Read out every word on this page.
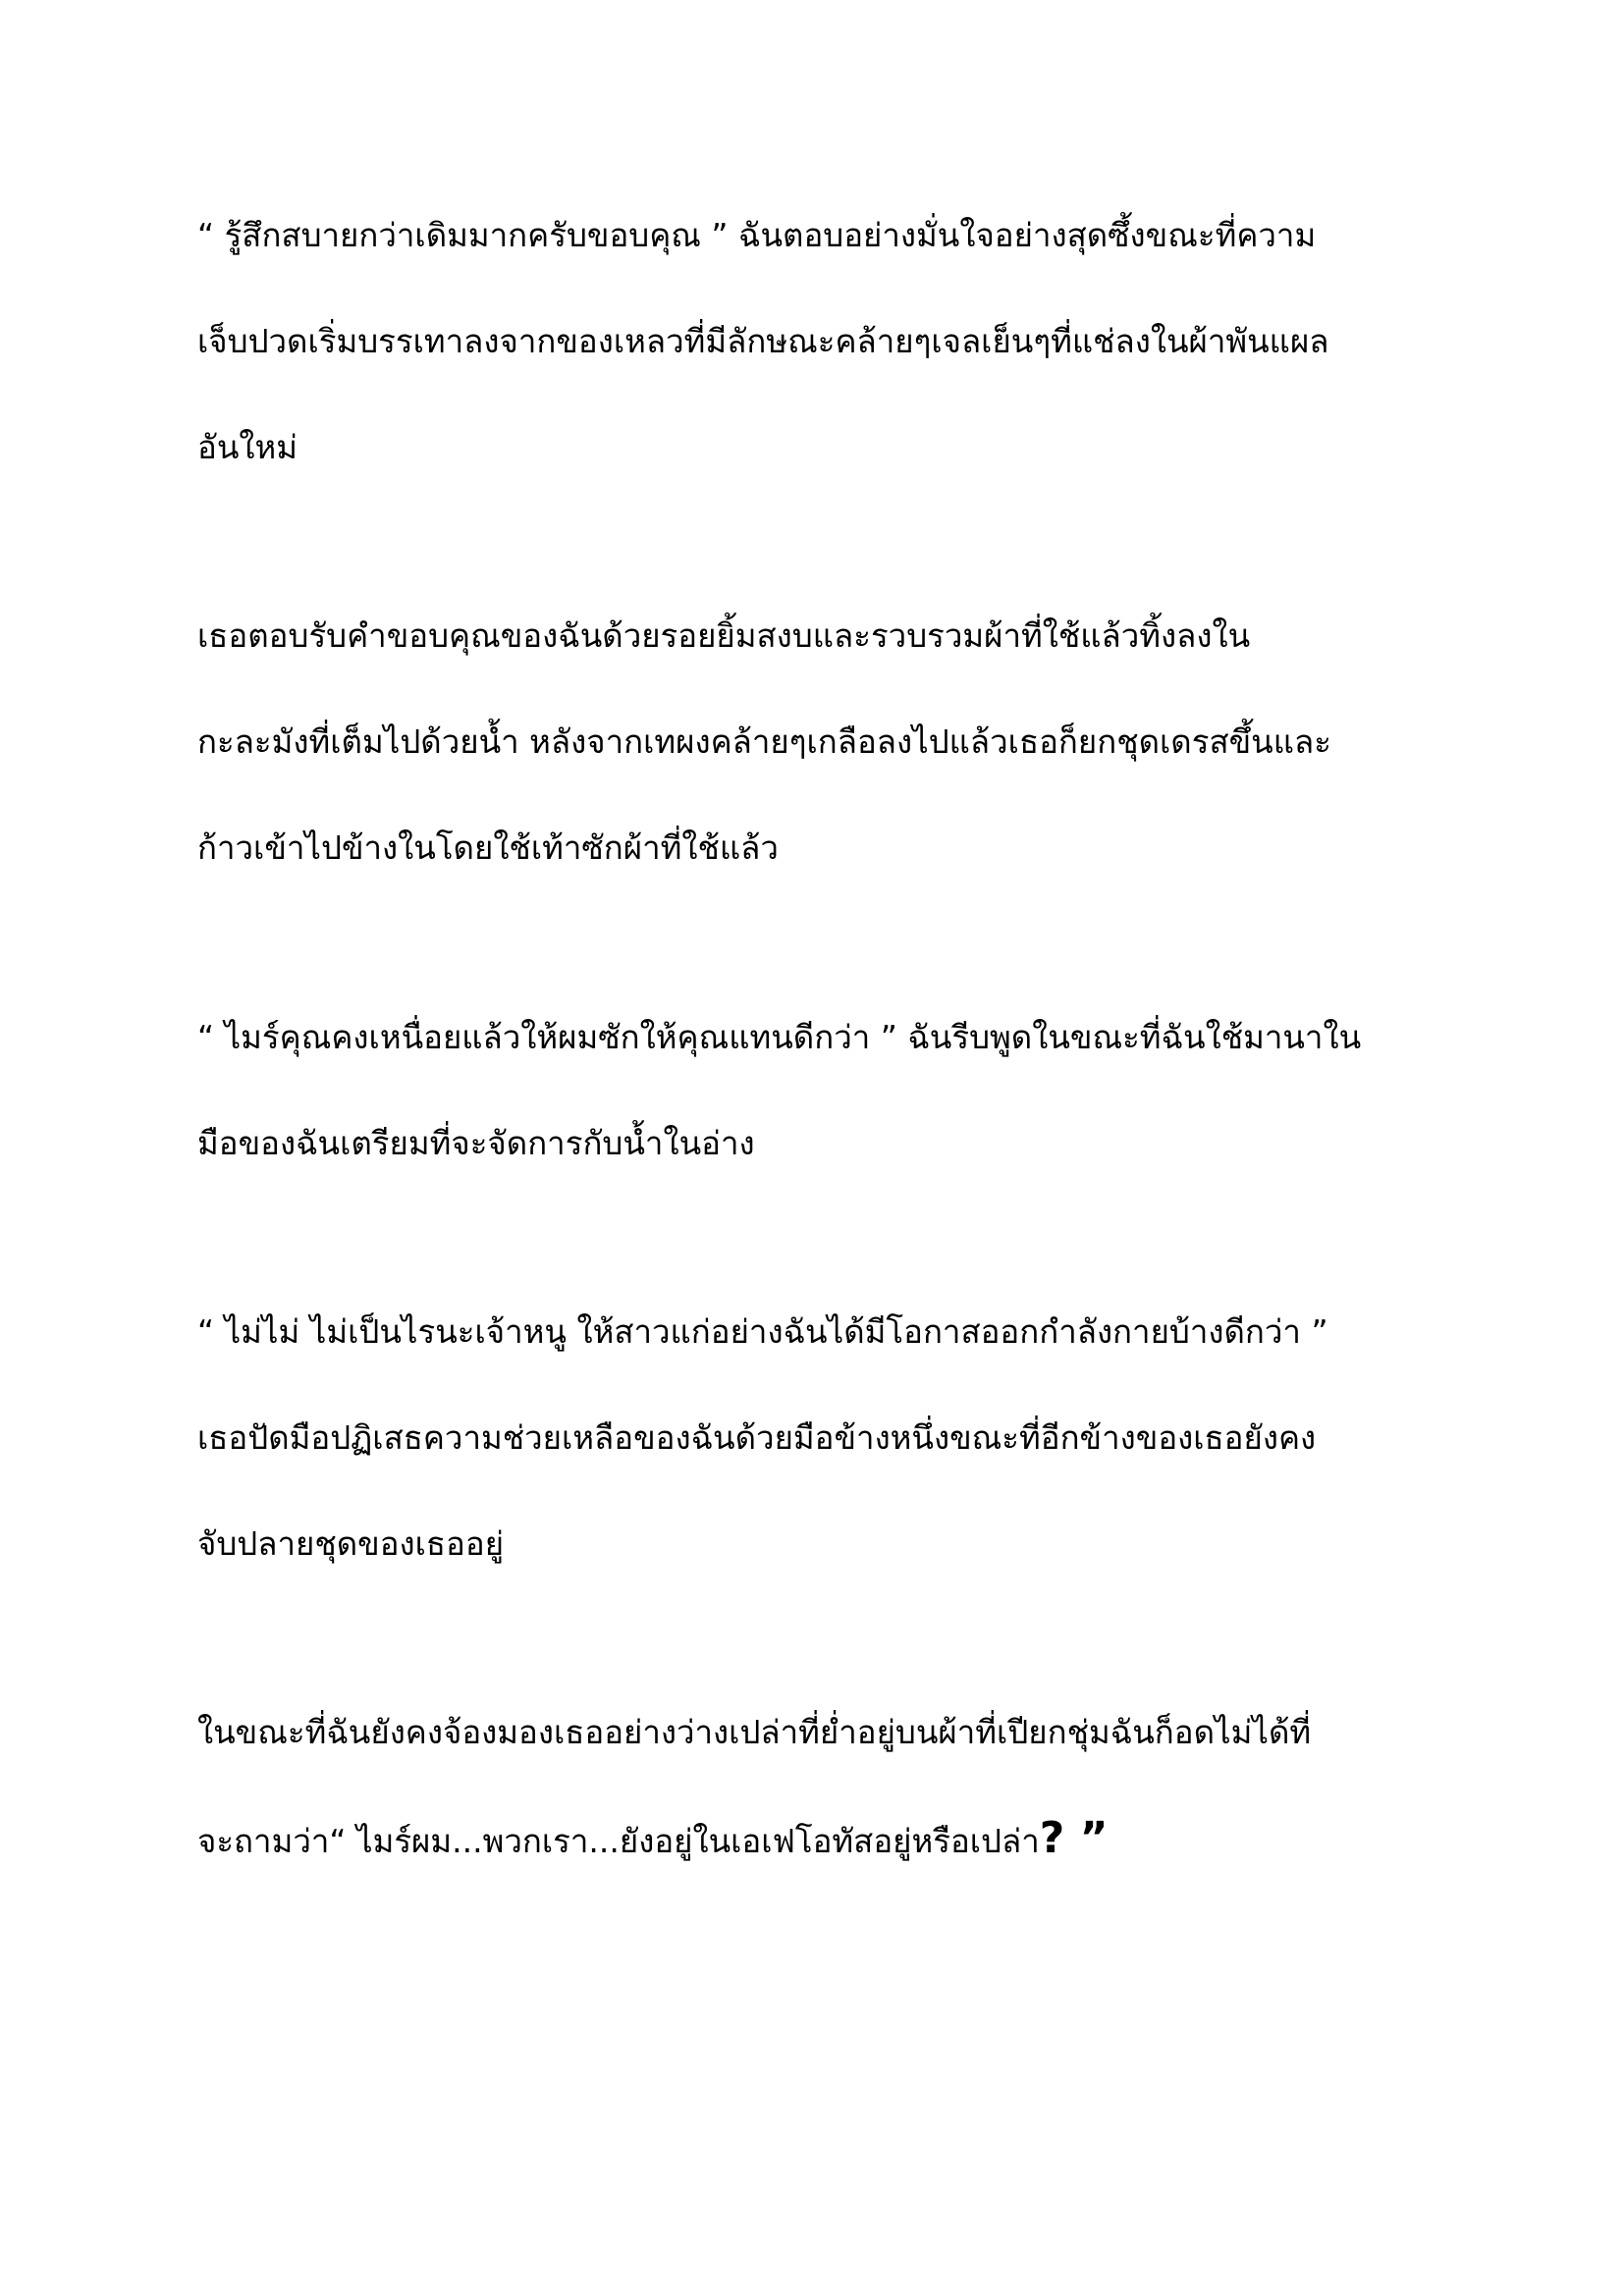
“ รู้สึกสบายกว่าเดิมมากครับขอบคุณ ” ฉันตอบอย่างมั่นใจอย่างสุดซึ้งขณะที่ความ
เจ็บปวดเริ่มบรรเทาลงจากของเหลวที่มีลักษณะคล้ายๆเจลเย็นๆที่แช่ลงในผ้าพันแผล
อันใหม่
เธอตอบรับคำขอบคุณของฉันด้วยรอยยิ้มสงบและรวบรวมผ้าที่ใช้แล้วทิ้งลงใน
กะละมังที่เต็มไปด้วยน้ำ หลังจากเทผงคล้ายๆเกลือลงไปแล้วเธอก็ยกชุดเดรสขึ้นและ
ก้าวเข้าไปข้างในโดยใช้เท้าซักผ้าที่ใช้แล้ว
“ ไมร์คุณคงเหนื่อยแล้วให้ผมซักให้คุณแทนดีกว่า ” ฉันรีบพูดในขณะที่ฉันใช้มานาใน
มือของฉันเตรียมที่จะจัดการกับน้ำในอ่าง
“ ไม่ไม่ ไม่เป็นไรนะเจ้าหนู ให้สาวแก่อย่างฉันได้มีโอกาสออกกำลังกายบ้างดีกว่า ”
เธอปัดมือปฏิเสธความช่วยเหลือของฉันด้วยมือข้างหนึ่งขณะที่อีกข้างของเธอยังคง
จับปลายชุดของเธออยู่
ในขณะที่ฉันยังคงจ้องมองเธออย่างว่างเปล่าที่ย่ำอยู่บนผ้าที่เปียกชุ่มฉันก็อดไม่ได้ที่
จะถามว่า“ ไมร์ผม...พวกเรา...ยังอยู่ในเอเฟโอทัสอยู่หรือเปล่า? ”
